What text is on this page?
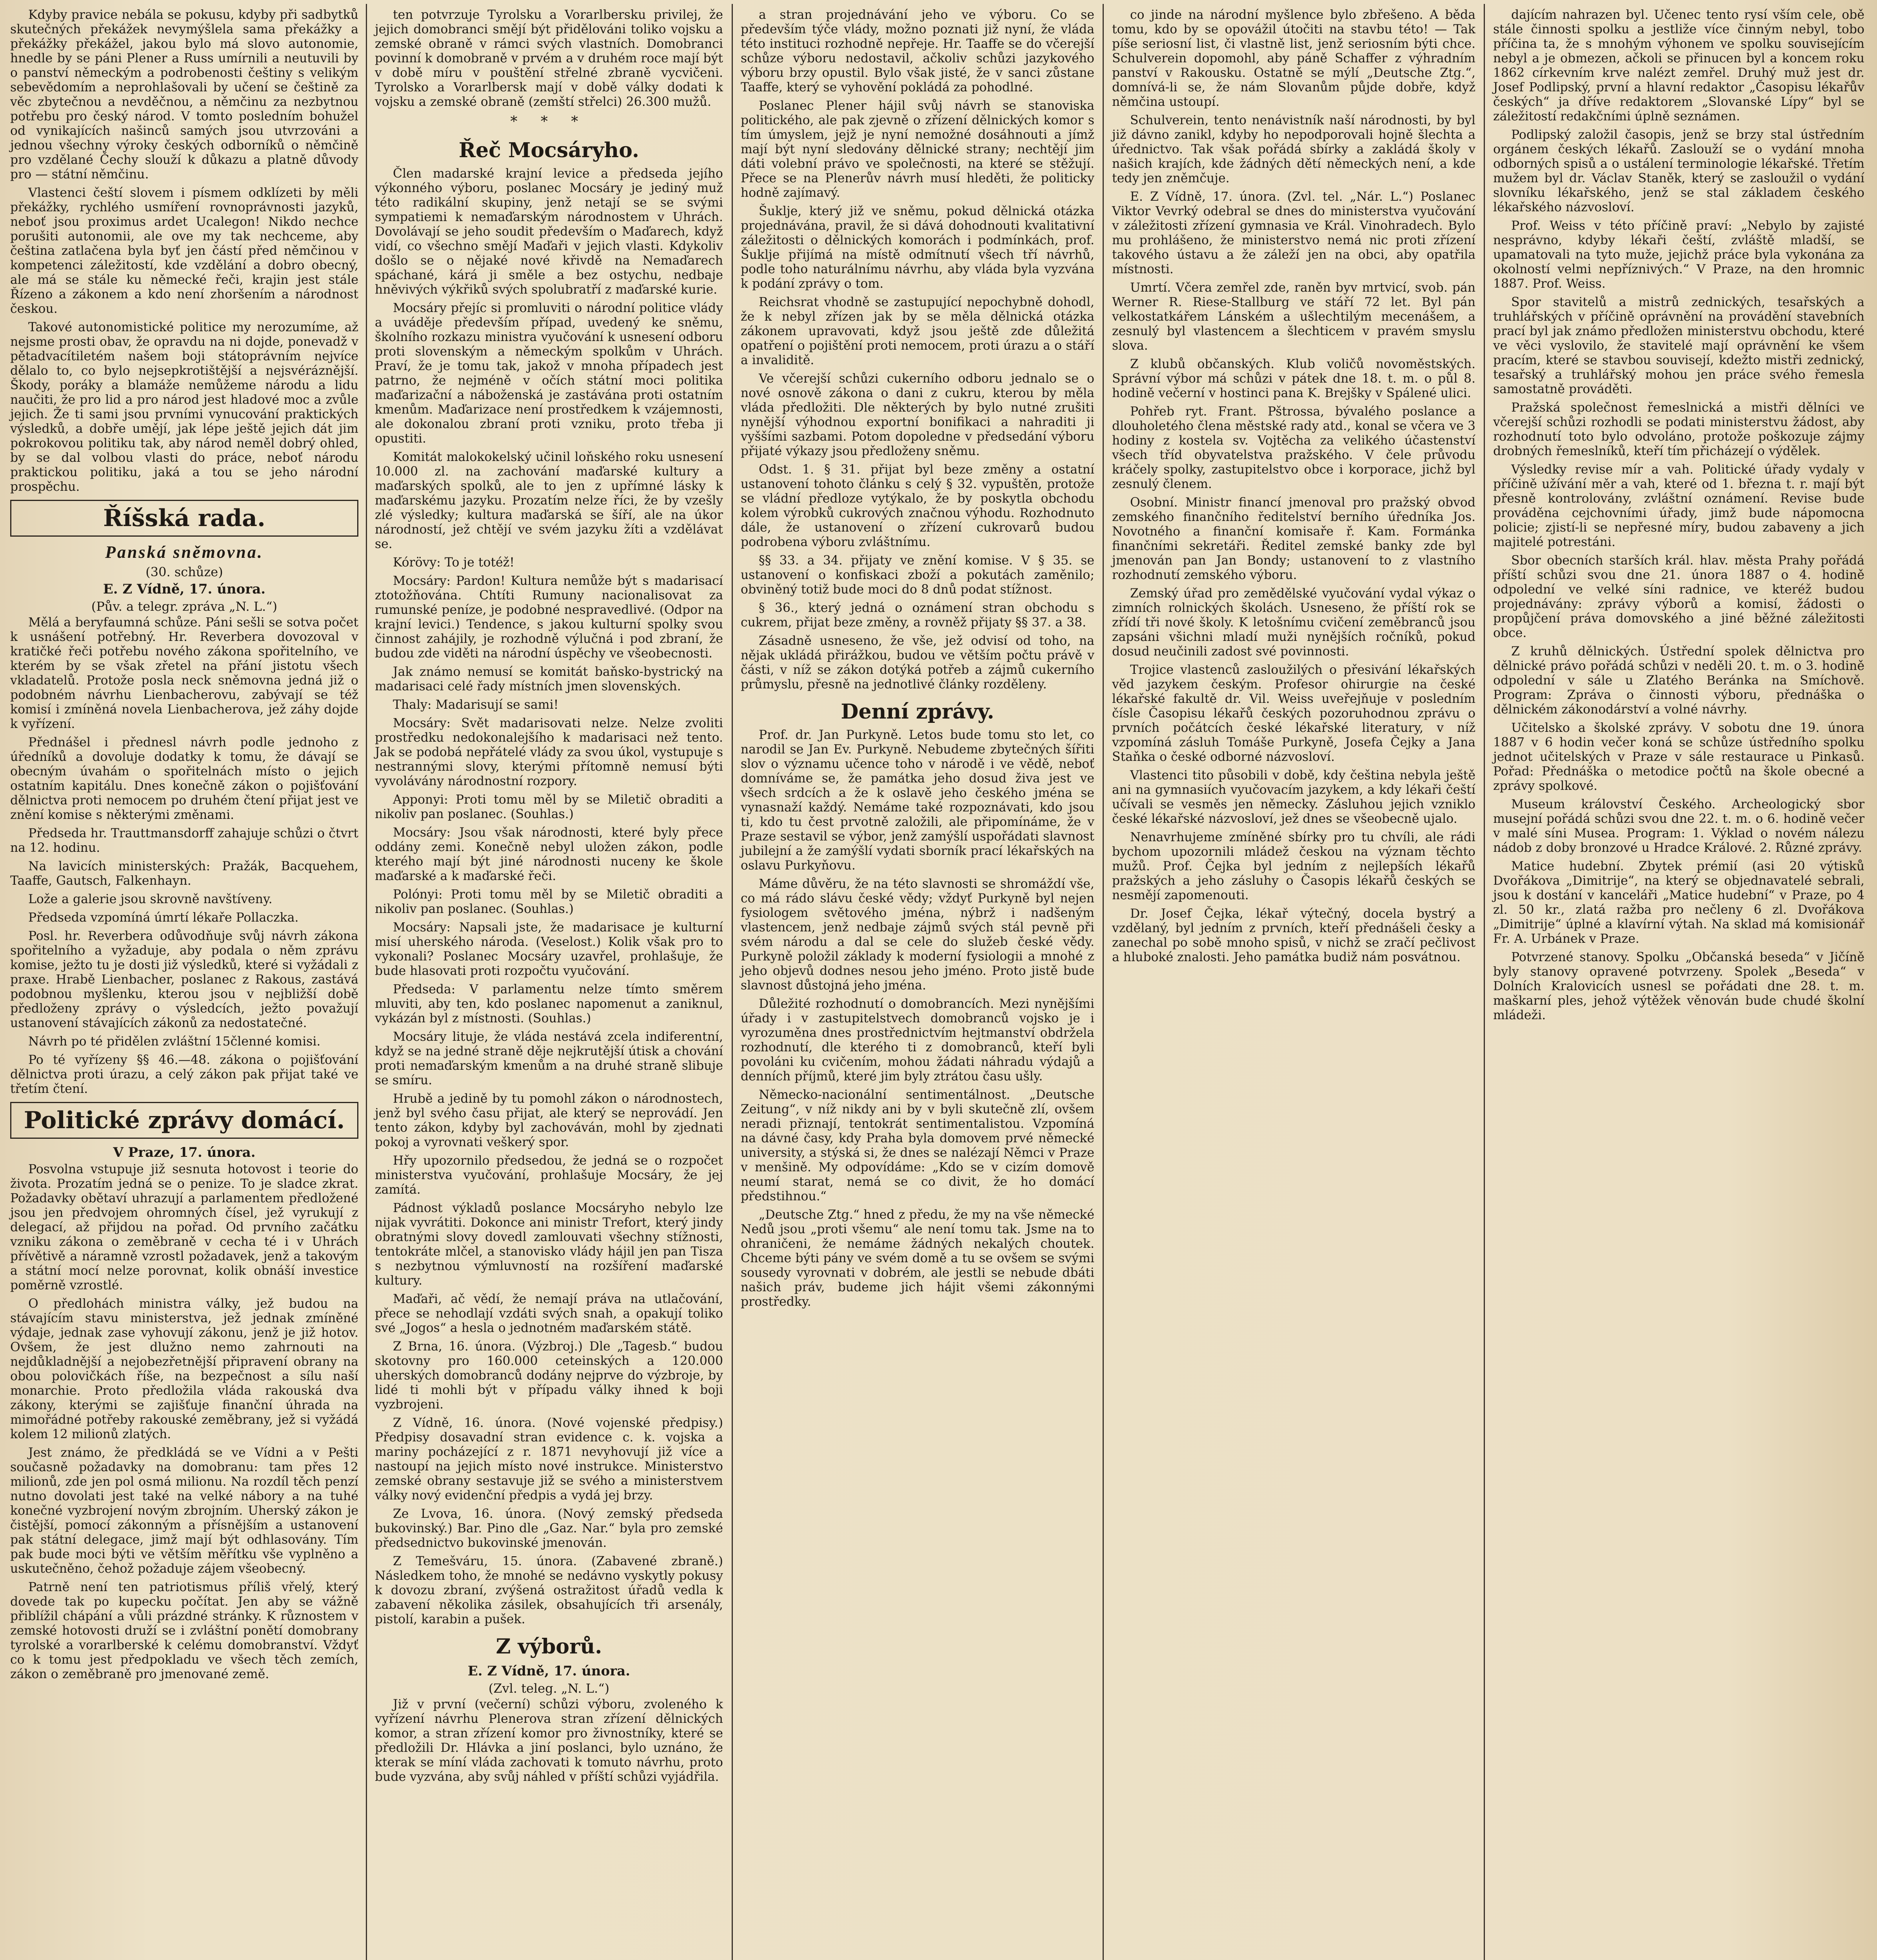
Kdyby pravice nebála se pokusu, kdyby při sadbytků skutečných překážek nevymýšlela sama překážky a překážky překážel, jakou bylo má slovo autonomie, hnedle by se páni Plener a Russ umírnili a neutuvili by o panství německým a podrobenosti češtiny s velikým sebevědomím a neprohlašovali by učení se češtině za věc zbytečnou a nevděčnou, a němčinu za nezbytnou potřebu pro český národ. V tomto posledním bohužel od vynikajících našinců samých jsou utvrzováni a jednou všechny výroky českých odborníků o němčině pro vzdělané Čechy slouží k důkazu a platně důvody pro — státní němčinu.

Vlastenci čeští slovem i písmem odklízeti by měli překážky, rychlého usmíření rovnoprávnosti jazyků, neboť jsou proximus ardet Ucalegon! Nikdo nechce porušiti autonomii, ale ove my tak nechceme, aby čeština zatlačena byla byť jen částí před němčinou v kompetenci záležitostí, kde vzdělání a dobro obecný, ale má se stále ku německé řeči, krajin jest stále Řízeno a zákonem a kdo není zhoršením a národnost českou.

Takové autonomistické politice my nerozumíme, až nejsme prosti obav, že opravdu na ni dojde, ponevadž v pětadvacítiletém našem boji státoprávním nejvíce dělalo to, co bylo nejsepkrotištější a nejsvéráznější. Škody, poráky a blamáže nemůžeme národu a lidu naučiti, že pro lid a pro národ jest hladové moc a zvůle jejich. Že ti sami jsou prvními vynucování praktických výsledků, a dobře umějí, jak lépe ještě jejich dát jim pokrokovou politiku tak, aby národ neměl dobrý ohled, by se dal volbou vlasti do práce, neboť národu praktickou politiku, jaká a tou se jeho národní prospěchu.

Říšská rada.
Panská sněmovna.
(30. schůze)
E. Z Vídně, 17. února.
(Pův. a telegr. zpráva „N. L.“)

Mělá a beryfaumná schůze. Páni sešli se sotva počet k usnášení potřebný. Hr. Reverbera dovozoval v kratičké řeči potřebu nového zákona spořitelního, ve kterém by se však zřetel na přání jistotu všech vkladatelů. Protože posla neck sněmovna jedná již o podobném návrhu Lienbacherovu, zabývají se též komisí i zmíněná novela Lienbacherova, jež záhy dojde k vyřízení.

Přednášel i přednesl návrh podle jednoho z úředníků a dovoluje dodatky k tomu, že dávají se obecným úvahám o spořitelnách místo o jejich ostatním kapitálu. Dnes konečně zákon o pojišťování dělnictva proti nemocem po druhém čtení přijat jest ve znění komise s některými změnami.

Předseda hr. Trauttmansdorff zahajuje schůzi o čtvrt na 12. hodinu.

Na lavicích ministerských: Pražák, Bacquehem, Taaffe, Gautsch, Falkenhayn.

Lože a galerie jsou skrovně navštíveny.

Předseda vzpomíná úmrtí lékaře Pollaczka.

Posl. hr. Reverbera odůvodňuje svůj návrh zákona spořitelního a vyžaduje, aby podala o něm zprávu komise, ježto tu je dosti již výsledků, které si vyžádali z praxe. Hrabě Lienbacher, poslanec z Rakous, zastává podobnou myšlenku, kterou jsou v nejbližší době předloženy zprávy o výsledcích, ježto považují ustanovení stávajících zákonů za nedostatečné.

Návrh po té přidělen zvláštní 15členné komisi.

Po té vyřízeny §§ 46.—48. zákona o pojišťování dělnictva proti úrazu, a celý zákon pak přijat také ve třetím čtení.

Politické zprávy domácí.
V Praze, 17. února.

Posvolna vstupuje již sesnuta hotovost i teorie do života. Prozatím jedná se o penize. To je sladce zkrat. Požadavky obětaví uhrazují a parlamentem předložené jsou jen předvojem ohromných čísel, jež vyrukují z delegací, až přijdou na pořad. Od prvního začátku vzniku zákona o zeměbraně v cecha té i v Uhrách přívětivě a náramně vzrostl požadavek, jenž a takovým a státní mocí nelze porovnat, kolik obnáší investice poměrně vzrostlé.

O předlohách ministra války, jež budou na stávajícím stavu ministerstva, jež jednak zmíněné výdaje, jednak zase vyhovují zákonu, jenž je již hotov. Ovšem, že jest dlužno nemo zahrnouti na nejdůkladnější a nejobezřetnější připravení obrany na obou polovičkách říše, na bezpečnost a sílu naší monarchie. Proto předložila vláda rakouská dva zákony, kterými se zajišťuje finanční úhrada na mimořádné potřeby rakouské zeměbrany, jež si vyžádá kolem 12 milionů zlatých.

Jest známo, že předkládá se ve Vídni a v Pešti současně požadavky na domobranu: tam přes 12 milionů, zde jen pol osmá milionu. Na rozdíl těch penzí nutno dovolati jest také na velké nábory a na tuhé konečné vyzbrojení novým zbrojním. Uherský zákon je čistější, pomocí zákonným a přísnějším a ustanovení pak státní delegace, jimž mají být odhlasovány. Tím pak bude moci býti ve větším měřítku vše vyplněno a uskutečněno, čehož požaduje zájem všeobecný.

Patrně není ten patriotismus příliš vřelý, který dovede tak po kupecku počítat. Jen aby se vážně přiblížil chápání a vůli prázdné stránky. K různostem v zemské hotovosti druží se i zvláštní ponětí domobrany tyrolské a vorarlberské k celému domobranství. Vždyť co k tomu jest předpokladu ve všech těch zemích, zákon o zeměbraně pro jmenované země.

ten potvrzuje Tyrolsku a Vorarlbersku privilej, že jejich domobranci smějí být přidělováni toliko vojsku a zemské obraně v rámci svých vlastních. Domobranci povinní k domobraně v prvém a v druhém roce mají být v době míru v pouštění střelné zbraně vycvičeni. Tyrolsko a Vorarlbersk mají v době války dodati k vojsku a zemské obraně (zemští střelci) 26.300 mužů.

* * *
Řeč Mocsáryho.

Člen madarské krajní levice a předseda jejího výkonného výboru, poslanec Mocsáry je jediný muž této radikální skupiny, jenž netají se se svými sympatiemi k nemaďarským národnostem v Uhrách. Dovolávají se jeho soudit především o Maďarech, když vidí, co všechno smějí Maďaři v jejich vlasti. Kdykoliv došlo se o nějaké nové křivdě na Nemaďarech spáchané, kárá ji směle a bez ostychu, nedbaje hněvivých výkřiků svých spolubratří z maďarské kurie.

Mocsáry přejíc si promluviti o národní politice vlády a uváděje především případ, uvedený ke sněmu, školního rozkazu ministra vyučování k usnesení odboru proti slovenským a německým spolkům v Uhrách. Praví, že je tomu tak, jakož v mnoha případech jest patrno, že nejméně v očích státní moci politika maďarizační a náboženská je zastávána proti ostatním kmenům. Maďarizace není prostředkem k vzájemnosti, ale dokonalou zbraní proti vzniku, proto třeba ji opustiti.

Komitát malokokelský učinil loňského roku usnesení 10.000 zl. na zachování maďarské kultury a maďarských spolků, ale to jen z upřímné lásky k maďarskému jazyku. Prozatím nelze říci, že by vzešly zlé výsledky; kultura maďarská se šíří, ale na úkor národností, jež chtějí ve svém jazyku žíti a vzdělávat se.

Kórövy: To je totéž!

Mocsáry: Pardon! Kultura nemůže být s madarisací ztotožňována. Chtíti Rumuny nacionalisovat za rumunské peníze, je podobné nespravedlivé. (Odpor na krajní levici.) Tendence, s jakou kulturní spolky svou činnost zahájily, je rozhodně výlučná i pod zbraní, že budou zde viděti na národní úspěchy ve všeobecnosti.

Jak známo nemusí se komitát baňsko-bystrický na madarisaci celé řady místních jmen slovenských.

Thaly: Madarisují se sami!

Mocsáry: Svět madarisovati nelze. Nelze zvoliti prostředku nedokonalejšího k madarisaci než tento. Jak se podobá nepřátelé vlády za svou úkol, vystupuje s nestrannými slovy, kterými přítomně nemusí býti vyvolávány národnostní rozpory.

Apponyi: Proti tomu měl by se Miletič obraditi a nikoliv pan poslanec. (Souhlas.)

Mocsáry: Jsou však národnosti, které byly přece oddány zemi. Konečně nebyl uložen zákon, podle kterého mají být jiné národnosti nuceny ke škole maďarské a k maďarské řeči.

Polónyi: Proti tomu měl by se Miletič obraditi a nikoliv pan poslanec. (Souhlas.)

Mocsáry: Napsali jste, že madarisace je kulturní misí uherského národa. (Veselost.) Kolik však pro to vykonali? Poslanec Mocsáry uzavřel, prohlašuje, že bude hlasovati proti rozpočtu vyučování.

Předseda: V parlamentu nelze tímto směrem mluviti, aby ten, kdo poslanec napomenut a zaniknul, vykázán byl z místnosti. (Souhlas.)

Mocsáry lituje, že vláda nestává zcela indiferentní, když se na jedné straně děje nejkrutější útisk a chování proti nemaďarským kmenům a na druhé straně slibuje se smíru.

Hrubě a jedině by tu pomohl zákon o národnostech, jenž byl svého času přijat, ale který se neprovádí. Jen tento zákon, kdyby byl zachováván, mohl by zjednati pokoj a vyrovnati veškerý spor.

Hřy upozornilo předsedou, že jedná se o rozpočet ministerstva vyučování, prohlašuje Mocsáry, že jej zamítá.

Pádnost výkladů poslance Mocsáryho nebylo lze nijak vyvrátiti. Dokonce ani ministr Trefort, který jindy obratnými slovy dovedl zamlouvati všechny stížnosti, tentokráte mlčel, a stanovisko vlády hájil jen pan Tisza s nezbytnou výmluvností na rozšíření maďarské kultury.

Maďaři, ač vědí, že nemají práva na utlačování, přece se nehodlají vzdáti svých snah, a opakují toliko své „Jogos“ a hesla o jednotném maďarském státě.

Z Brna, 16. února. (Výzbroj.) Dle „Tagesb.“ budou skotovny pro 160.000 ceteinských a 120.000 uherských domobranců dodány nejprve do výzbroje, by lidé ti mohli být v případu války ihned k boji vyzbrojeni.

Z Vídně, 16. února. (Nové vojenské předpisy.) Předpisy dosavadní stran evidence c. k. vojska a mariny pocházející z r. 1871 nevyhovují již více a nastoupí na jejich místo nové instrukce. Ministerstvo zemské obrany sestavuje již se svého a ministerstvem války nový evidenční předpis a vydá jej brzy.

Ze Lvova, 16. února. (Nový zemský předseda bukovinský.) Bar. Pino dle „Gaz. Nar.“ byla pro zemské předsednictvo bukovinské jmenován.

Z Temešváru, 15. února. (Zabavené zbraně.) Následkem toho, že mnohé se nedávno vyskytly pokusy k dovozu zbraní, zvýšená ostražitost úřadů vedla k zabavení několika zásilek, obsahujících tři arsenály, pistolí, karabin a pušek.

Z výborů.
E. Z Vídně, 17. února.
(Zvl. teleg. „N. L.“)

Již v první (večerní) schůzi výboru, zvoleného k vyřízení návrhu Plenerova stran zřízení dělnických komor, a stran zřízení komor pro živnostníky, které se předložili Dr. Hlávka a jiní poslanci, bylo uznáno, že kterak se míní vláda zachovati k tomuto návrhu, proto bude vyzvána, aby svůj náhled v příští schůzi vyjádřila.

a stran projednávání jeho ve výboru. Co se především týče vlády, možno poznati již nyní, že vláda této instituci rozhodně nepřeje. Hr. Taaffe se do včerejší schůze výboru nedostavil, ačkoliv schůzi jazykového výboru brzy opustil. Bylo však jisté, že v sanci zůstane Taaffe, který se vyhovění pokládá za pohodlné.

Poslanec Plener hájil svůj návrh se stanoviska politického, ale pak zjevně o zřízení dělnických komor s tím úmyslem, jejž je nyní nemožné dosáhnouti a jímž mají být nyní sledovány dělnické strany; nechtějí jim dáti volební právo ve společnosti, na které se stěžují. Přece se na Plenerův návrh musí hleděti, že politicky hodně zajímavý.

Šuklje, který již ve sněmu, pokud dělnická otázka projednávána, pravil, že si dává dohodnouti kvalitativní záležitosti o dělnických komorách i podmínkách, prof. Šuklje přijímá na místě odmítnutí všech tří návrhů, podle toho naturálnímu návrhu, aby vláda byla vyzvána k podání zprávy o tom.

Reichsrat vhodně se zastupující nepochybně dohodl, že k nebyl zřízen jak by se měla dělnická otázka zákonem upravovati, když jsou ještě zde důležitá opatření o pojištění proti nemocem, proti úrazu a o stáří a invaliditě.

Ve včerejší schůzi cukerního odboru jednalo se o nové osnově zákona o dani z cukru, kterou by měla vláda předložiti. Dle některých by bylo nutné zrušiti nynější výhodnou exportní bonifikaci a nahraditi ji vyššími sazbami. Potom dopoledne v předsedání výboru přijaté výkazy jsou předloženy sněmu.

Odst. 1. § 31. přijat byl beze změny a ostatní ustanovení tohoto článku s celý § 32. vypuštěn, protože se vládní předloze vytýkalo, že by poskytla obchodu kolem výrobků cukrových značnou výhodu. Rozhodnuto dále, že ustanovení o zřízení cukrovarů budou podrobena výboru zvláštnímu.

§§ 33. a 34. přijaty ve znění komise. V § 35. se ustanovení o konfiskaci zboží a pokutách zaměnilo; obviněný totiž bude moci do 8 dnů podat stížnost.

§ 36., který jedná o oznámení stran obchodu s cukrem, přijat beze změny, a rovněž přijaty §§ 37. a 38.

Zásadně usneseno, že vše, jež odvisí od toho, na nějak ukládá přirážkou, budou ve větším počtu právě v části, v níž se zákon dotýká potřeb a zájmů cukerního průmyslu, přesně na jednotlivé články rozděleny.

Denní zprávy.

Prof. dr. Jan Purkyně. Letos bude tomu sto let, co narodil se Jan Ev. Purkyně. Nebudeme zbytečných šířiti slov o významu učence toho v národě i ve vědě, neboť domníváme se, že památka jeho dosud živa jest ve všech srdcích a že k oslavě jeho českého jména se vynasnaží každý. Nemáme také rozpoznávati, kdo jsou ti, kdo tu čest prvotně založili, ale připomínáme, že v Praze sestavil se výbor, jenž zamýšlí uspořádati slavnost jubilejní a že zamýšlí vydati sborník prací lékařských na oslavu Purkyňovu.

Máme důvěru, že na této slavnosti se shromáždí vše, co má rádo slávu české vědy; vždyť Purkyně byl nejen fysiologem světového jména, nýbrž i nadšeným vlastencem, jenž nedbaje zájmů svých stál pevně při svém národu a dal se cele do služeb české vědy. Purkyně položil základy k moderní fysiologii a mnohé z jeho objevů dodnes nesou jeho jméno. Proto jistě bude slavnost důstojná jeho jména.

Důležité rozhodnutí o domobrancích. Mezi nynějšími úřady i v zastupitelstvech domobranců vojsko je i vyrozuměna dnes prostřednictvím hejtmanství obdržela rozhodnutí, dle kterého ti z domobranců, kteří byli povoláni ku cvičením, mohou žádati náhradu výdajů a denních příjmů, které jim byly ztrátou času ušly.

Německo-nacionální sentimentálnost. „Deutsche Zeitung“, v níž nikdy ani by v byli skutečně zlí, ovšem neradi přiznají, tentokrát sentimentalistou. Vzpomíná na dávné časy, kdy Praha byla domovem prvé německé university, a stýská si, že dnes se nalézají Němci v Praze v menšině. My odpovídáme: „Kdo se v cizím domově neumí starat, nemá se co divit, že ho domácí předstihnou.“

„Deutsche Ztg.“ hned z předu, že my na vše německé Nedů jsou „proti všemu“ ale není tomu tak. Jsme na to ohraničeni, že nemáme žádných nekalých choutek. Chceme býti pány ve svém domě a tu se ovšem se svými sousedy vyrovnati v dobrém, ale jestli se nebude dbáti našich práv, budeme jich hájit všemi zákonnými prostředky.

co jinde na národní myšlence bylo zbřešeno. A běda tomu, kdo by se opovážil útočiti na stavbu této! — Tak píše seriosní list, či vlastně list, jenž seriosním býti chce. Schulverein dopomohl, aby páně Schaffer z výhradním panství v Rakousku. Ostatně se mýlí „Deutsche Ztg.“, domnívá-li se, že nám Slovanům půjde dobře, když němčina ustoupí.

Schulverein, tento nenávistník naší národnosti, by byl již dávno zanikl, kdyby ho nepodporovali hojně šlechta a úřednictvo. Tak však pořádá sbírky a zakládá školy v našich krajích, kde žádných dětí německých není, a kde tedy jen zněmčuje.

E. Z Vídně, 17. února. (Zvl. tel. „Nár. L.“) Poslanec Viktor Vevrký odebral se dnes do ministerstva vyučování v záležitosti zřízení gymnasia ve Král. Vinohradech. Bylo mu prohlášeno, že ministerstvo nemá nic proti zřízení takového ústavu a že záleží jen na obci, aby opatřila místnosti.

Umrtí. Včera zemřel zde, raněn byv mrtvicí, svob. pán Werner R. Riese-Stallburg ve stáří 72 let. Byl pán velkostatkářem Lánském a ušlechtilým mecenášem, a zesnulý byl vlastencem a šlechticem v pravém smyslu slova.

Z klubů občanských. Klub voličů novoměstských. Správní výbor má schůzi v pátek dne 18. t. m. o půl 8. hodině večerní v hostinci pana K. Brejšky v Spálené ulici.

Pohřeb ryt. Frant. Pštrossa, bývalého poslance a dlouholetého člena městské rady atd., konal se včera ve 3 hodiny z kostela sv. Vojtěcha za velikého účastenství všech tříd obyvatelstva pražského. V čele průvodu kráčely spolky, zastupitelstvo obce i korporace, jichž byl zesnulý členem.

Osobní. Ministr financí jmenoval pro pražský obvod zemského finančního ředitelství berního úředníka Jos. Novotného a finanční komisaře ř. Kam. Formánka finančními sekretáři. Ředitel zemské banky zde byl jmenován pan Jan Bondy; ustanovení to z vlastního rozhodnutí zemského výboru.

Zemský úřad pro zemědělské vyučování vydal výkaz o zimních rolnických školách. Usneseno, že příští rok se zřídí tři nové školy. K letošnímu cvičení zeměbranců jsou zapsáni všichni mladí muži nynějších ročníků, pokud dosud neučinili zadost své povinnosti.

Trojice vlastenců zasloužilých o přesivání lékařských věd jazykem českým. Profesor ohirurgie na české lékařské fakultě dr. Vil. Weiss uveřejňuje v posledním čísle Časopisu lékařů českých pozoruhodnou zprávu o prvních počátcích české lékařské literatury, v níž vzpomíná zásluh Tomáše Purkyně, Josefa Čejky a Jana Staňka o české odborné názvosloví.

Vlastenci tito působili v době, kdy čeština nebyla ještě ani na gymnasiích vyučovacím jazykem, a kdy lékaři čeští učívali se vesměs jen německy. Zásluhou jejich vzniklo české lékařské názvosloví, jež dnes se všeobecně ujalo.

Nenavrhujeme zmíněné sbírky pro tu chvíli, ale rádi bychom upozornili mládež českou na význam těchto mužů. Prof. Čejka byl jedním z nejlepších lékařů pražských a jeho zásluhy o Časopis lékařů českých se nesmějí zapomenouti.

Dr. Josef Čejka, lékař výtečný, docela bystrý a vzdělaný, byl jedním z prvních, kteří přednášeli česky a zanechal po sobě mnoho spisů, v nichž se zračí pečlivost a hluboké znalosti. Jeho památka budiž nám posvátnou.

dajícím nahrazen byl. Učenec tento rysí vším cele, obě stále činnosti spolku a jestliže více činným nebyl, tobo příčina ta, že s mnohým výhonem ve spolku souvisejícím nebyl a je obmezen, ačkoli se přinucen byl a koncem roku 1862 církevním krve nalézt zemřel. Druhý muž jest dr. Josef Podlipský, první a hlavní redaktor „Časopisu lékařův českých“ ja dříve redaktorem „Slovanské Lípy“ byl se záležitostí redakčními úplně seznámen.

Podlipský založil časopis, jenž se brzy stal ústředním orgánem českých lékařů. Zaslouží se o vydání mnoha odborných spisů a o ustálení terminologie lékařské. Třetím mužem byl dr. Václav Staněk, který se zasloužil o vydání slovníku lékařského, jenž se stal základem českého lékařského názvosloví.

Prof. Weiss v této příčině praví: „Nebylo by zajisté nesprávno, kdyby lékaři čeští, zvláště mladší, se upamatovali na tyto muže, jejichž práce byla vykonána za okolností velmi nepříznivých.“ V Praze, na den hromnic 1887. Prof. Weiss.

Spor stavitelů a mistrů zednických, tesařských a truhlářských v příčině oprávnění na provádění stavebních prací byl jak známo předložen ministerstvu obchodu, které ve věci vyslovilo, že stavitelé mají oprávnění ke všem pracím, které se stavbou souvisejí, kdežto mistři zednický, tesařský a truhlářský mohou jen práce svého řemesla samostatně prováděti.

Pražská společnost řemeslnická a mistři dělníci ve včerejší schůzi rozhodli se podati ministerstvu žádost, aby rozhodnutí toto bylo odvoláno, protože poškozuje zájmy drobných řemeslníků, kteří tím přicházejí o výdělek.

Výsledky revise mír a vah. Politické úřady vydaly v příčině užívání měr a vah, které od 1. března t. r. mají být přesně kontrolovány, zvláštní oznámení. Revise bude prováděna cejchovními úřady, jimž bude nápomocna policie; zjistí-li se nepřesné míry, budou zabaveny a jich majitelé potrestáni.

Sbor obecních starších král. hlav. města Prahy pořádá příští schůzi svou dne 21. února 1887 o 4. hodině odpolední ve velké síni radnice, ve kteréž budou projednávány: zprávy výborů a komisí, žádosti o propůjčení práva domovského a jiné běžné záležitosti obce.

Z kruhů dělnických. Ústřední spolek dělnictva pro dělnické právo pořádá schůzi v neděli 20. t. m. o 3. hodině odpolední v sále u Zlatého Beránka na Smíchově. Program: Zpráva o činnosti výboru, přednáška o dělnickém zákonodárství a volné návrhy.

Učitelsko a školské zprávy. V sobotu dne 19. února 1887 v 6 hodin večer koná se schůze ústředního spolku jednot učitelských v Praze v sále restaurace u Pinkasů. Pořad: Přednáška o metodice počtů na škole obecné a zprávy spolkové.

Museum království Českého. Archeologický sbor musejní pořádá schůzi svou dne 22. t. m. o 6. hodině večer v malé síni Musea. Program: 1. Výklad o novém nálezu nádob z doby bronzové u Hradce Králové. 2. Různé zprávy.

Matice hudební. Zbytek prémií (asi 20 výtisků Dvořákova „Dimitrije“, na který se objednavatelé sebrali, jsou k dostání v kanceláři „Matice hudební“ v Praze, po 4 zl. 50 kr., zlatá ražba pro nečleny 6 zl. Dvořákova „Dimitrije“ úplné a klavírní výtah. Na sklad má komisionář Fr. A. Urbánek v Praze.

Potvrzené stanovy. Spolku „Občanská beseda“ v Jičíně byly stanovy opravené potvrzeny. Spolek „Beseda“ v Dolních Kralovicích usnesl se pořádati dne 28. t. m. maškarní ples, jehož výtěžek věnován bude chudé školní mládeži.
